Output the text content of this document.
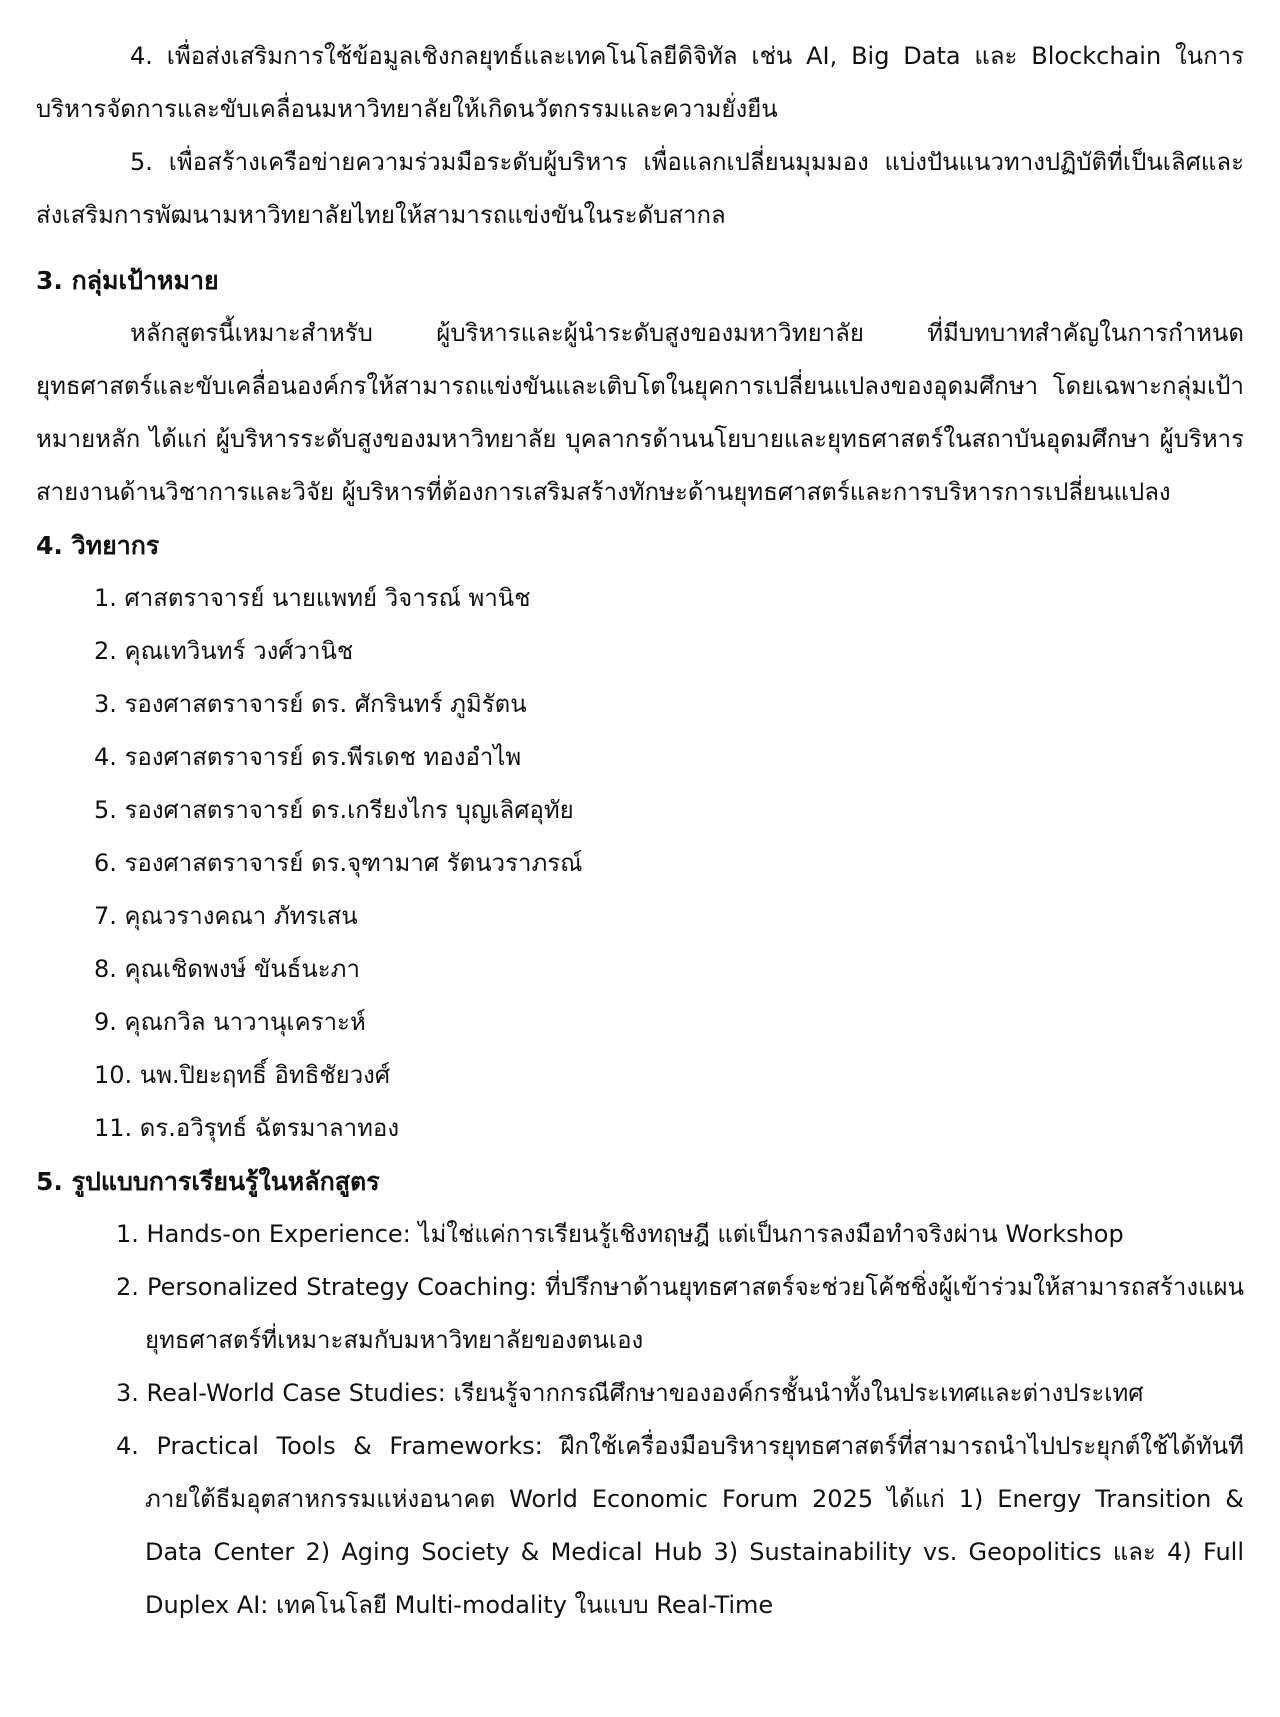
4. เพื่อส่งเสริมการใช้ข้อมูลเชิงกลยุทธ์และเทคโนโลยีดิจิทัล เช่น AI, Big Data และ Blockchain ในการบริหารจัดการและขับเคลื่อนมหาวิทยาลัยให้เกิดนวัตกรรมและความยั่งยืน

5. เพื่อสร้างเครือข่ายความร่วมมือระดับผู้บริหาร เพื่อแลกเปลี่ยนมุมมอง แบ่งปันแนวทางปฏิบัติที่เป็นเลิศและส่งเสริมการพัฒนามหาวิทยาลัยไทยให้สามารถแข่งขันในระดับสากล

3. กลุ่มเป้าหมาย

หลักสูตรนี้เหมาะสำหรับ ผู้บริหารและผู้นำระดับสูงของมหาวิทยาลัย ที่มีบทบาทสำคัญในการกำหนดยุทธศาสตร์และขับเคลื่อนองค์กรให้สามารถแข่งขันและเติบโตในยุคการเปลี่ยนแปลงของอุดมศึกษา โดยเฉพาะกลุ่มเป้าหมายหลัก ได้แก่ ผู้บริหารระดับสูงของมหาวิทยาลัย บุคลากรด้านนโยบายและยุทธศาสตร์ในสถาบันอุดมศึกษา ผู้บริหารสายงานด้านวิชาการและวิจัย ผู้บริหารที่ต้องการเสริมสร้างทักษะด้านยุทธศาสตร์และการบริหารการเปลี่ยนแปลง

4. วิทยากร
1. ศาสตราจารย์ นายแพทย์ วิจารณ์ พานิช
2. คุณเทวินทร์ วงศ์วานิช
3. รองศาสตราจารย์ ดร. ศักรินทร์ ภูมิรัตน
4. รองศาสตราจารย์ ดร.พีรเดช ทองอำไพ
5. รองศาสตราจารย์ ดร.เกรียงไกร บุญเลิศอุทัย
6. รองศาสตราจารย์ ดร.จุฑามาศ รัตนวราภรณ์
7. คุณวรางคณา ภัทรเสน
8. คุณเชิดพงษ์ ขันธ์นะภา
9. คุณกวิล นาวานุเคราะห์
10. นพ.ปิยะฤทธิ์ อิทธิชัยวงศ์
11. ดร.อวิรุทธ์ ฉัตรมาลาทอง
5. รูปแบบการเรียนรู้ในหลักสูตร
1. Hands-on Experience: ไม่ใช่แค่การเรียนรู้เชิงทฤษฎี แต่เป็นการลงมือทำจริงผ่าน Workshop
2. Personalized Strategy Coaching: ที่ปรึกษาด้านยุทธศาสตร์จะช่วยโค้ชชิ่งผู้เข้าร่วมให้สามารถสร้างแผนยุทธศาสตร์ที่เหมาะสมกับมหาวิทยาลัยของตนเอง
3. Real-World Case Studies: เรียนรู้จากกรณีศึกษาขององค์กรชั้นนำทั้งในประเทศและต่างประเทศ
4. Practical Tools & Frameworks: ฝึกใช้เครื่องมือบริหารยุทธศาสตร์ที่สามารถนำไปประยุกต์ใช้ได้ทันที ภายใต้ธีมอุตสาหกรรมแห่งอนาคต World Economic Forum 2025 ได้แก่ 1) Energy Transition & Data Center 2) Aging Society & Medical Hub 3) Sustainability vs. Geopolitics และ 4) Full Duplex AI: เทคโนโลยี Multi-modality ในแบบ Real-Time
